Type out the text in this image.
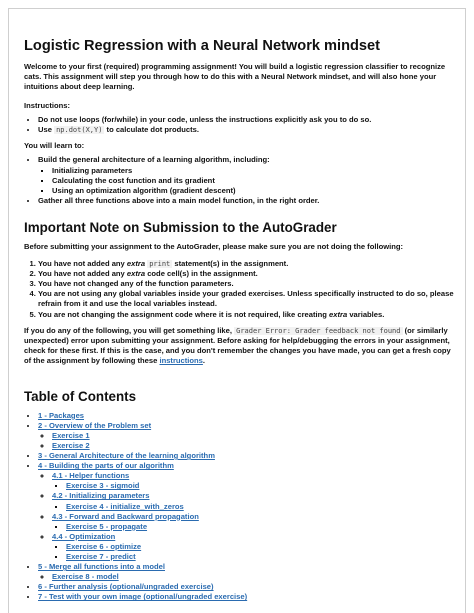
Logistic Regression with a Neural Network mindset

Welcome to your first (required) programming assignment! You will build a logistic regression classifier to recognize cats. This assignment will step you through how to do this with a Neural Network mindset, and will also hone your intuitions about deep learning.

Instructions:

• Do not use loops (for/while) in your code, unless the instructions explicitly ask you to do so.
• Use np.dot(X,Y) to calculate dot products.

You will learn to:

• Build the general architecture of a learning algorithm, including:
▪ Initializing parameters
▪ Calculating the cost function and its gradient
▪ Using an optimization algorithm (gradient descent)
• Gather all three functions above into a main model function, in the right order.
Important Note on Submission to the AutoGrader

Before submitting your assignment to the AutoGrader, please make sure you are not doing the following:

1. You have not added any extra print statement(s) in the assignment.
2. You have not added any extra code cell(s) in the assignment.
3. You have not changed any of the function parameters.
4. You are not using any global variables inside your graded exercises. Unless specifically instructed to do so, please refrain from it and use the local variables instead.
5. You are not changing the assignment code where it is not required, like creating extra variables.

If you do any of the following, you will get something like, Grader Error: Grader feedback not found (or similarly unexpected) error upon submitting your assignment. Before asking for help/debugging the errors in your assignment, check for these first. If this is the case, and you don't remember the changes you have made, you can get a fresh copy of the assignment by following these instructions.

Table of Contents
• 1 - Packages
• 2 - Overview of the Problem set
◦ Exercise 1
◦ Exercise 2
• 3 - General Architecture of the learning algorithm
• 4 - Building the parts of our algorithm
◦ 4.1 - Helper functions
▪ Exercise 3 - sigmoid
◦ 4.2 - Initializing parameters
▪ Exercise 4 - initialize_with_zeros
◦ 4.3 - Forward and Backward propagation
▪ Exercise 5 - propagate
◦ 4.4 - Optimization
▪ Exercise 6 - optimize
▪ Exercise 7 - predict
• 5 - Merge all functions into a model
◦ Exercise 8 - model
• 6 - Further analysis (optional/ungraded exercise)
• 7 - Test with your own image (optional/ungraded exercise)
